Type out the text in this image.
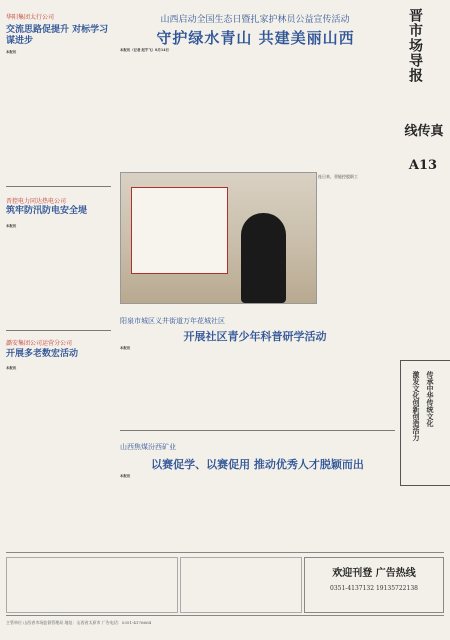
晋市场导报
线传真
A13
传承中华传统文化
激发文化创新创造活力
山西启动全国生态日暨扎家护林员公益宣传活动
守护绿水青山 共建美丽山西
本报讯（记者 赵宇飞）8月14日
华阳集团太行公司
交流思路促提升 对标学习谋进步
本报讯
晋控电力同达热电公司
筑牢防汛防电安全堤
本报讯
潞安集团公司运营分公司
开展多老数宏活动
本报讯
连日来，晋能控股职工
阳泉市城区义井街道万年花城社区
开展社区青少年科普研学活动
本报讯
山西焦煤汾西矿业
以赛促学、以赛促用 推动优秀人才脱颖而出
本报讯
欢迎刊登 广告热线
0351-4137132 19135722138
主管单位 山西省市场监督管理局 地址：山西省太原市 广告电话：0351-4176664
